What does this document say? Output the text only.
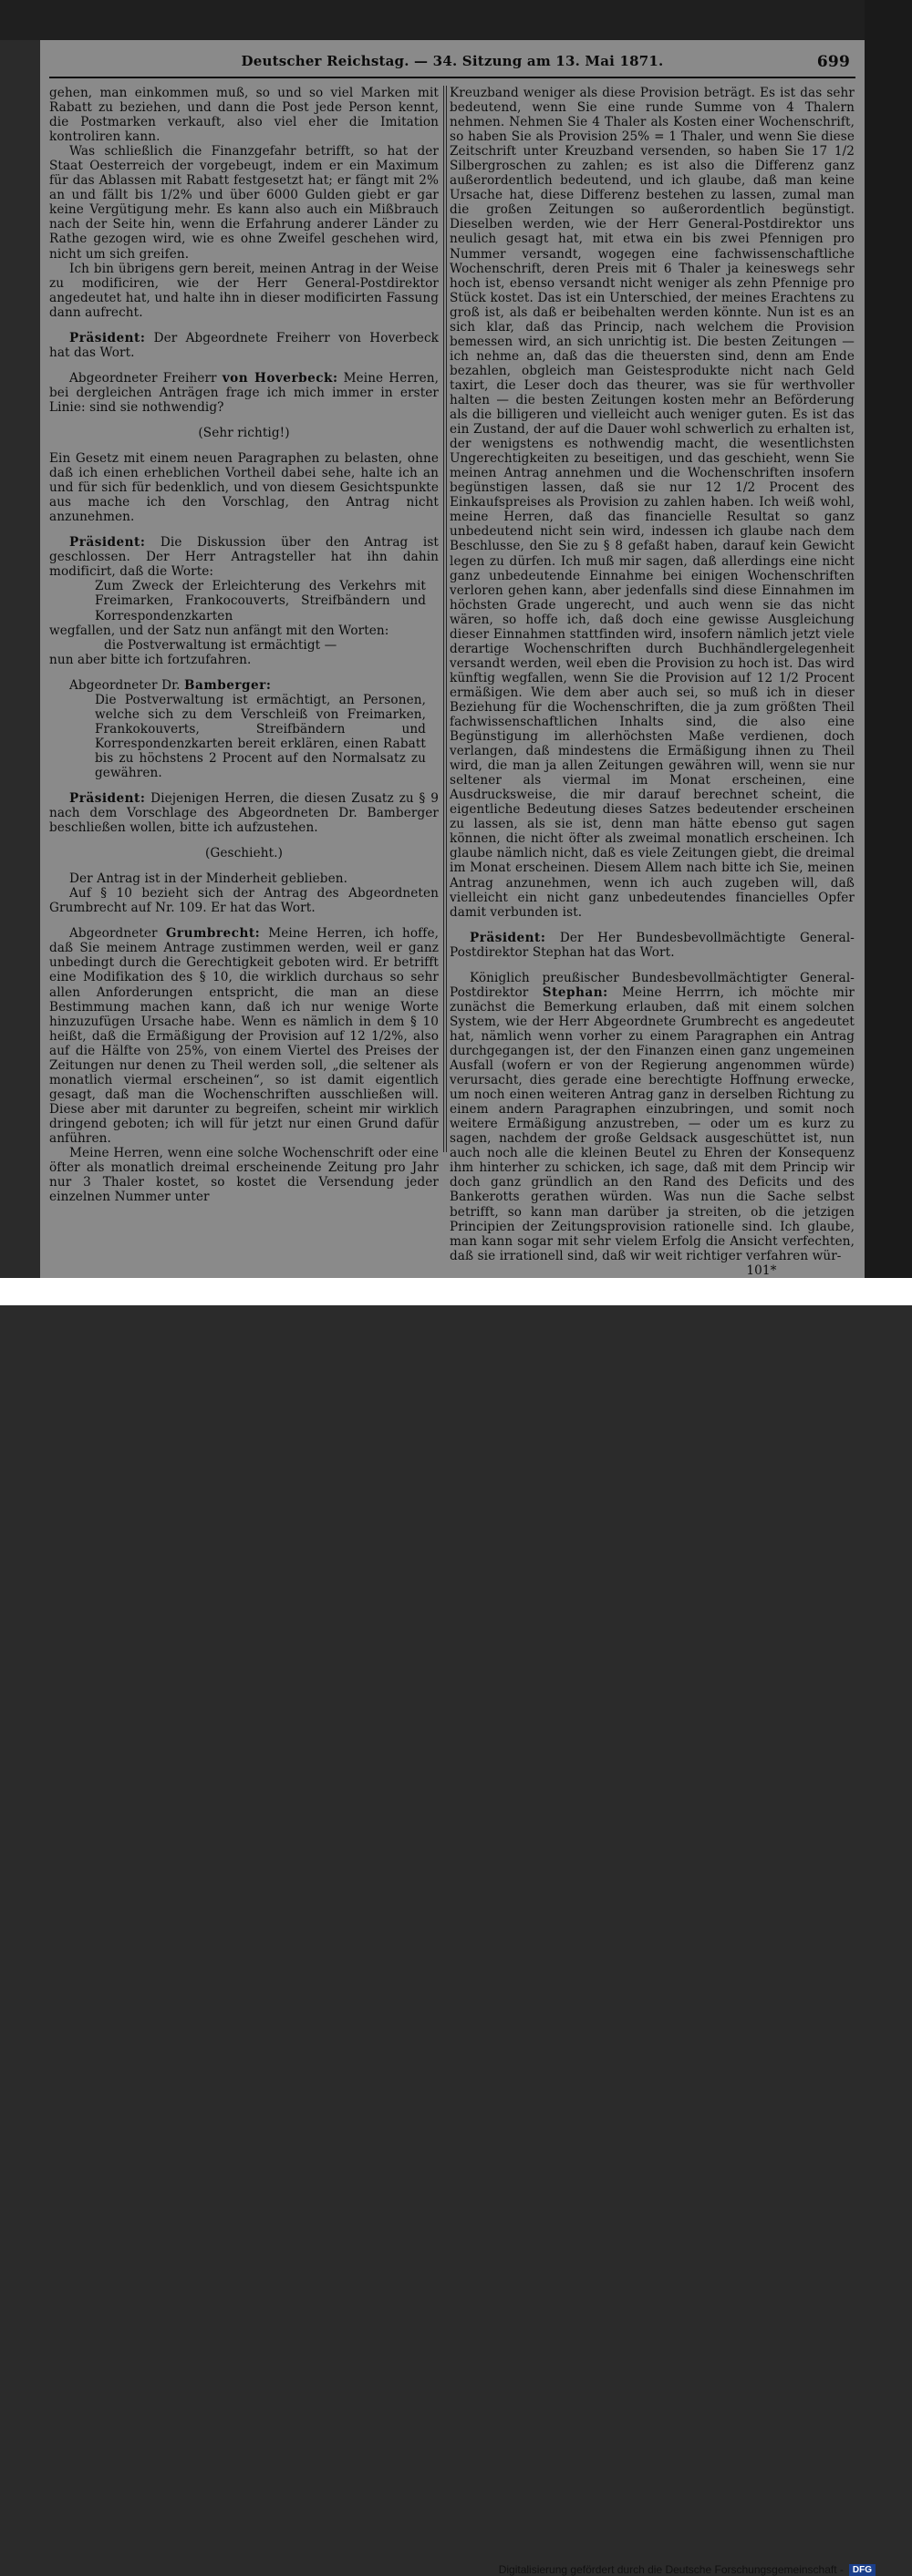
Deutscher Reichstag. — 34. Sitzung am 13. Mai 1871.	699

gehen, man einkommen muß, so und so viel Marken mit Rabatt zu beziehen, und dann die Post jede Person kennt, die Postmarken verkauft, also viel eher die Imitation kontroliren kann.

Was schließlich die Finanzgefahr betrifft, so hat der Staat Oesterreich der vorgebeugt, indem er ein Maximum für das Ablassen mit Rabatt festgesetzt hat; er fängt mit 2% an und fällt bis 1/2% und über 6000 Gulden giebt er gar keine Vergütigung mehr. Es kann also auch ein Mißbrauch nach der Seite hin, wenn die Erfahrung anderer Länder zu Rathe gezogen wird, wie es ohne Zweifel geschehen wird, nicht um sich greifen.

Ich bin übrigens gern bereit, meinen Antrag in der Weise zu modificiren, wie der Herr General-Postdirektor angedeutet hat, und halte ihn in dieser modificirten Fassung dann aufrecht.

Präsident: Der Abgeordnete Freiherr von Hoverbeck hat das Wort.

Abgeordneter Freiherr von Hoverbeck: Meine Herren, bei dergleichen Anträgen frage ich mich immer in erster Linie: sind sie nothwendig?

(Sehr richtig!)

Ein Gesetz mit einem neuen Paragraphen zu belasten, ohne daß ich einen erheblichen Vortheil dabei sehe, halte ich an und für sich für bedenklich, und von diesem Gesichtspunkte aus mache ich den Vorschlag, den Antrag nicht anzunehmen.

Präsident: Die Diskussion über den Antrag ist geschlossen. Der Herr Antragsteller hat ihn dahin modificirt, daß die Worte:

Zum Zweck der Erleichterung des Verkehrs mit Freimarken, Frankocouverts, Streifbändern und Korrespondenzkarten

wegfallen, und der Satz nun anfängt mit den Worten:

die Postverwaltung ist ermächtigt —

nun aber bitte ich fortzufahren.

Abgeordneter Dr. Bamberger:

Die Postverwaltung ist ermächtigt, an Personen, welche sich zu dem Verschleiß von Freimarken, Frankokouverts, Streifbändern und Korrespondenzkarten bereit erklären, einen Rabatt bis zu höchstens 2 Procent auf den Normalsatz zu gewähren.

Präsident: Diejenigen Herren, die diesen Zusatz zu § 9 nach dem Vorschlage des Abgeordneten Dr. Bamberger beschließen wollen, bitte ich aufzustehen.

(Geschieht.)

Der Antrag ist in der Minderheit geblieben.

Auf § 10 bezieht sich der Antrag des Abgeordneten Grumbrecht auf Nr. 109. Er hat das Wort.

Abgeordneter Grumbrecht: Meine Herren, ich hoffe, daß Sie meinem Antrage zustimmen werden, weil er ganz unbedingt durch die Gerechtigkeit geboten wird. Er betrifft eine Modifikation des § 10, die wirklich durchaus so sehr allen Anforderungen entspricht, die man an diese Bestimmung machen kann, daß ich nur wenige Worte hinzuzufügen Ursache habe. Wenn es nämlich in dem § 10 heißt, daß die Ermäßigung der Provision auf 12 1/2%, also auf die Hälfte von 25%, von einem Viertel des Preises der Zeitungen nur denen zu Theil werden soll, „die seltener als monatlich viermal erscheinen“, so ist damit eigentlich gesagt, daß man die Wochenschriften ausschließen will. Diese aber mit darunter zu begreifen, scheint mir wirklich dringend geboten; ich will für jetzt nur einen Grund dafür anführen.

Meine Herren, wenn eine solche Wochenschrift oder eine öfter als monatlich dreimal erscheinende Zeitung pro Jahr nur 3 Thaler kostet, so kostet die Versendung jeder einzelnen Nummer unter

Kreuzband weniger als diese Provision beträgt. Es ist das sehr bedeutend, wenn Sie eine runde Summe von 4 Thalern nehmen. Nehmen Sie 4 Thaler als Kosten einer Wochenschrift, so haben Sie als Provision 25% = 1 Thaler, und wenn Sie diese Zeitschrift unter Kreuzband versenden, so haben Sie 17 1/2 Silbergroschen zu zahlen; es ist also die Differenz ganz außerordentlich bedeutend, und ich glaube, daß man keine Ursache hat, diese Differenz bestehen zu lassen, zumal man die großen Zeitungen so außerordentlich begünstigt. Dieselben werden, wie der Herr General-Postdirektor uns neulich gesagt hat, mit etwa ein bis zwei Pfennigen pro Nummer versandt, wogegen eine fachwissenschaftliche Wochenschrift, deren Preis mit 6 Thaler ja keineswegs sehr hoch ist, ebenso versandt nicht weniger als zehn Pfennige pro Stück kostet. Das ist ein Unterschied, der meines Erachtens zu groß ist, als daß er beibehalten werden könnte. Nun ist es an sich klar, daß das Princip, nach welchem die Provision bemessen wird, an sich unrichtig ist. Die besten Zeitungen — ich nehme an, daß das die theuersten sind, denn am Ende bezahlen, obgleich man Geistesprodukte nicht nach Geld taxirt, die Leser doch das theurer, was sie für werthvoller halten — die besten Zeitungen kosten mehr an Beförderung als die billigeren und vielleicht auch weniger guten. Es ist das ein Zustand, der auf die Dauer wohl schwerlich zu erhalten ist, der wenigstens es nothwendig macht, die wesentlichsten Ungerechtigkeiten zu beseitigen, und das geschieht, wenn Sie meinen Antrag annehmen und die Wochenschriften insofern begünstigen lassen, daß sie nur 12 1/2 Procent des Einkaufspreises als Provision zu zahlen haben. Ich weiß wohl, meine Herren, daß das financielle Resultat so ganz unbedeutend nicht sein wird, indessen ich glaube nach dem Beschlusse, den Sie zu § 8 gefaßt haben, darauf kein Gewicht legen zu dürfen. Ich muß mir sagen, daß allerdings eine nicht ganz unbedeutende Einnahme bei einigen Wochenschriften verloren gehen kann, aber jedenfalls sind diese Einnahmen im höchsten Grade ungerecht, und auch wenn sie das nicht wären, so hoffe ich, daß doch eine gewisse Ausgleichung dieser Einnahmen stattfinden wird, insofern nämlich jetzt viele derartige Wochenschriften durch Buchhändlergelegenheit versandt werden, weil eben die Provision zu hoch ist. Das wird künftig wegfallen, wenn Sie die Provision auf 12 1/2 Procent ermäßigen. Wie dem aber auch sei, so muß ich in dieser Beziehung für die Wochenschriften, die ja zum größten Theil fachwissenschaftlichen Inhalts sind, die also eine Begünstigung im allerhöchsten Maße verdienen, doch verlangen, daß mindestens die Ermäßigung ihnen zu Theil wird, die man ja allen Zeitungen gewähren will, wenn sie nur seltener als viermal im Monat erscheinen, eine Ausdrucksweise, die mir darauf berechnet scheint, die eigentliche Bedeutung dieses Satzes bedeutender erscheinen zu lassen, als sie ist, denn man hätte ebenso gut sagen können, die nicht öfter als zweimal monatlich erscheinen. Ich glaube nämlich nicht, daß es viele Zeitungen giebt, die dreimal im Monat erscheinen. Diesem Allem nach bitte ich Sie, meinen Antrag anzunehmen, wenn ich auch zugeben will, daß vielleicht ein nicht ganz unbedeutendes financielles Opfer damit verbunden ist.

Präsident: Der Her Bundesbevollmächtigte General-Postdirektor Stephan hat das Wort.

Königlich preußischer Bundesbevollmächtigter General-Postdirektor Stephan: Meine Herrrn, ich möchte mir zunächst die Bemerkung erlauben, daß mit einem solchen System, wie der Herr Abgeordnete Grumbrecht es angedeutet hat, nämlich wenn vorher zu einem Paragraphen ein Antrag durchgegangen ist, der den Finanzen einen ganz ungemeinen Ausfall (wofern er von der Regierung angenommen würde) verursacht, dies gerade eine berechtigte Hoffnung erwecke, um noch einen weiteren Antrag ganz in derselben Richtung zu einem andern Paragraphen einzubringen, und somit noch weitere Ermäßigung anzustreben, — oder um es kurz zu sagen, nachdem der große Geldsack ausgeschüttet ist, nun auch noch alle die kleinen Beutel zu Ehren der Konsequenz ihm hinterher zu schicken, ich sage, daß mit dem Princip wir doch ganz gründlich an den Rand des Deficits und des Bankerotts gerathen würden. Was nun die Sache selbst betrifft, so kann man darüber ja streiten, ob die jetzigen Principien der Zeitungsprovision rationelle sind. Ich glaube, man kann sogar mit sehr vielem Erfolg die Ansicht verfechten, daß sie irrationell sind, daß wir weit richtiger verfahren wür-

101*

Digitalisierung gefördert durch die Deutsche Forschungsgemeinschaft -	DFG
